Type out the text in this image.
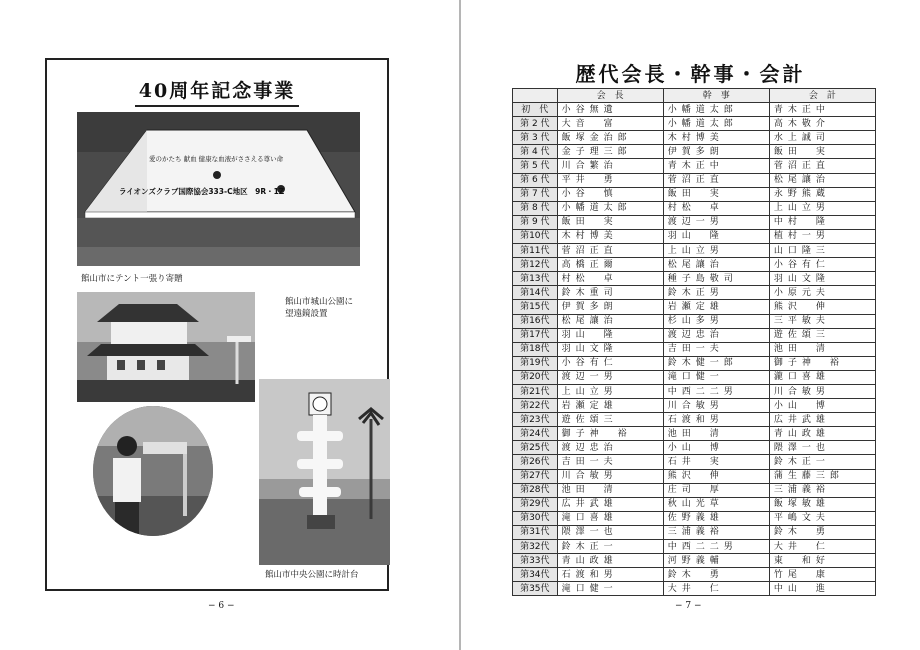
40周年記念事業
愛のかたち 献血 健康な血液がささえる尊い命
ライオンズクラブ国際協会333-C地区　9R・1Z
館山市にテント一張り寄贈
館山市城山公園に
望遠鏡設置
館山市中央公園に時計台
− 6 −
歴代会長・幹事・会計
	会　長	幹　事	会　計
初　代	小谷無遺	小幡道太郎	青木正中
第 2 代	大音　富	小幡道太郎	高木敬介
第 3 代	飯塚金治郎	木村博美	水上誠司
第 4 代	金子理三郎	伊賀多朗	飯田　実
第 5 代	川合繁治	青木正中	菅沼正直
第 6 代	平井　勇	菅沼正直	松尾讓治
第 7 代	小谷　慎	飯田　実	永野熊蔵
第 8 代	小幡道太郎	村松　卓	上山立男
第 9 代	飯田　実	渡辺一男	中村　隆
第10代	木村博美	羽山　隆	植村一男
第11代	菅沼正直	上山立男	山口隆三
第12代	高橋正爾	松尾讓治	小谷有仁
第13代	村松　卓	種子島敬司	羽山文隆
第14代	鈴木重司	鈴木正男	小原元夫
第15代	伊賀多朗	岩瀬定雄	熊沢　伸
第16代	松尾讓治	杉山多男	三平敏夫
第17代	羽山　隆	渡辺忠治	遊佐頌三
第18代	羽山文隆	吉田一夫	池田　清
第19代	小谷有仁	鈴木健一郎	御子神　裕
第20代	渡辺一男	滝口健一	瀧口喜雄
第21代	上山立男	中西二二男	川合敏男
第22代	岩瀬定雄	川合敏男	小山　博
第23代	遊佐頌三	石渡和男	広井武雄
第24代	御子神　裕	池田　清	青山政雄
第25代	渡辺忠治	小山　博	隈澤一也
第26代	吉田一夫	石井　実	鈴木正一
第27代	川合敏男	熊沢　伸	蒲生藤三郎
第28代	池田　清	庄司　厚	三浦義裕
第29代	広井武雄	秋山光草	飯塚敏雄
第30代	滝口喜雄	佐野義雄	平嶋文夫
第31代	隈澤一也	三浦義裕	鈴木　勇
第32代	鈴木正一	中西二二男	大井　仁
第33代	青山政雄	河野義輔	東　和好
第34代	石渡和男	鈴木　勇	竹尾　康
第35代	滝口健一	大井　仁	中山　進
− 7 −
